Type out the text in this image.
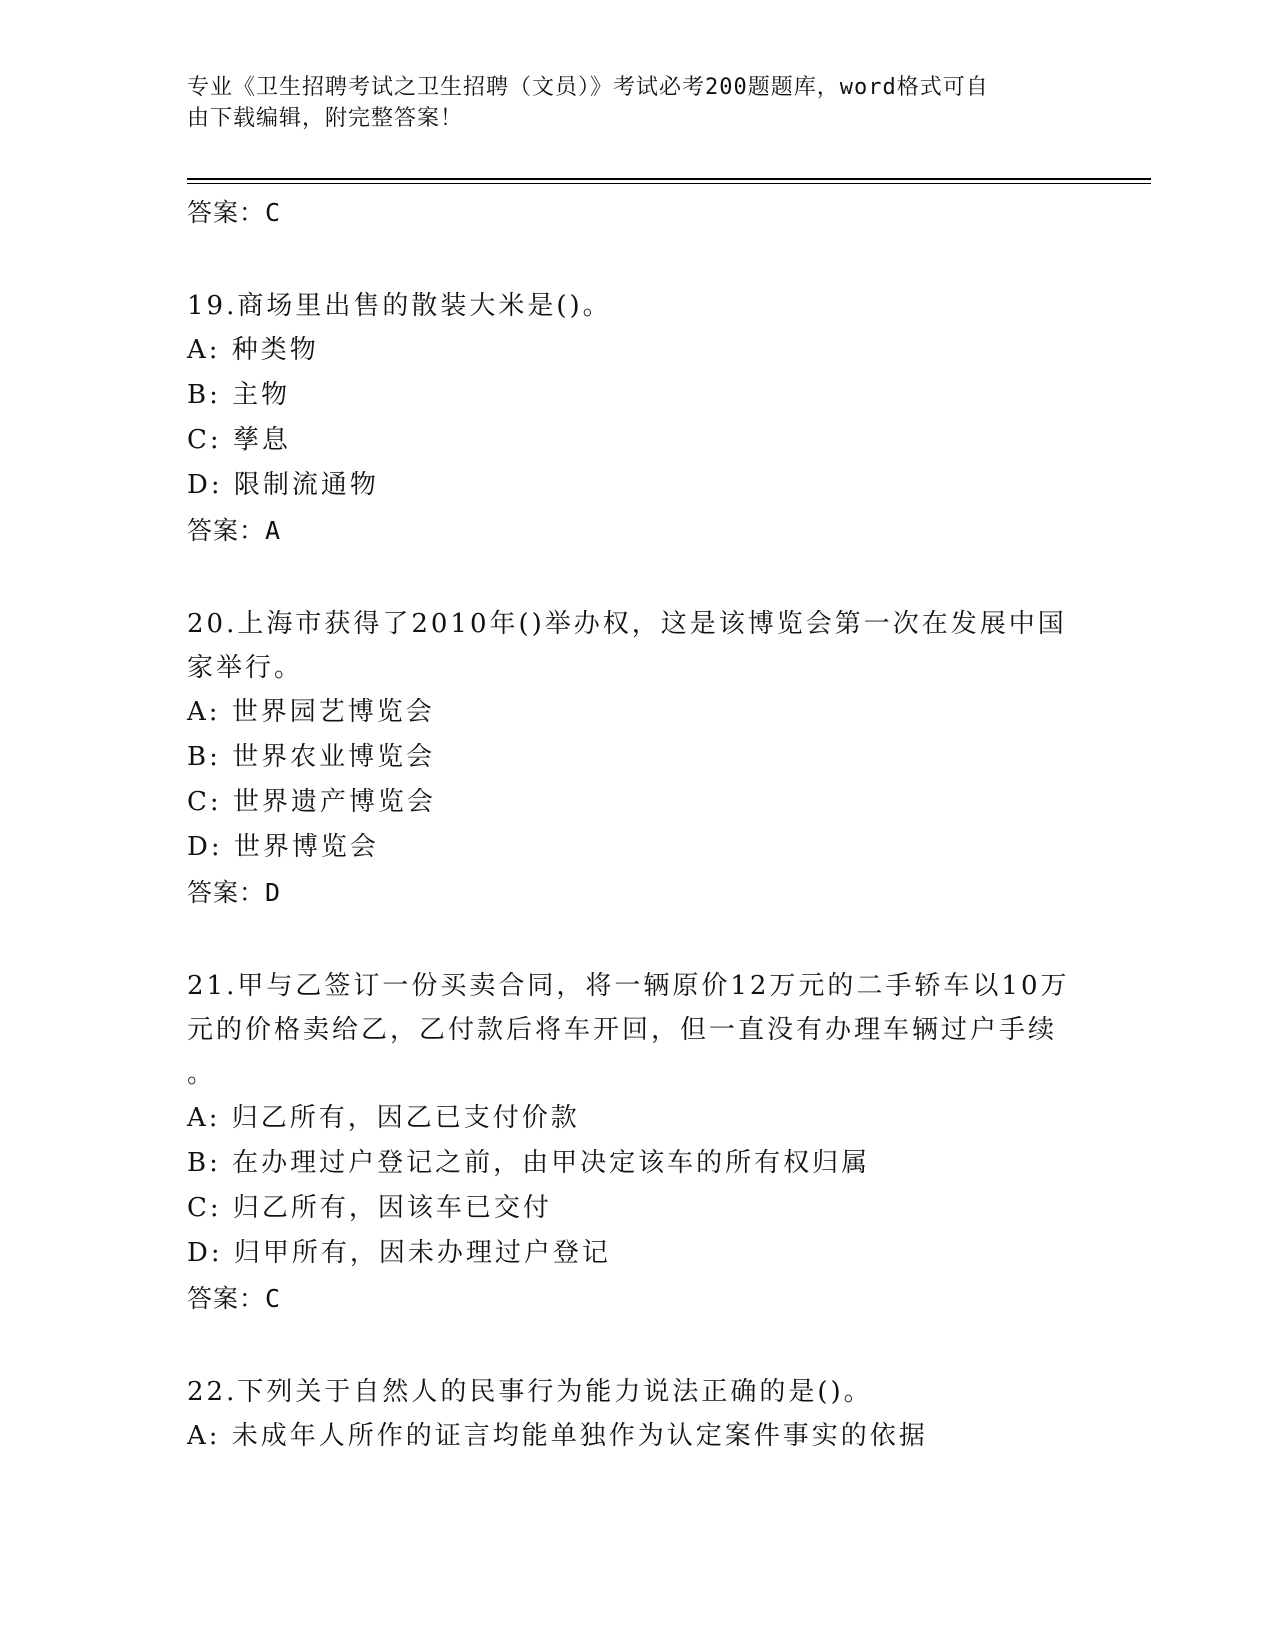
专业《卫生招聘考试之卫生招聘（文员）》考试必考200题题库，word格式可自
由下载编辑，附完整答案！
答案：C
19.商场里出售的散装大米是()。
A: 种类物
B: 主物
C: 孳息
D: 限制流通物
答案：A
20.上海市获得了2010年()举办权，这是该博览会第一次在发展中国
家举行。
A: 世界园艺博览会
B: 世界农业博览会
C: 世界遗产博览会
D: 世界博览会
答案：D
21.甲与乙签订一份买卖合同，将一辆原价12万元的二手轿车以10万
元的价格卖给乙，乙付款后将车开回，但一直没有办理车辆过户手续
。
A: 归乙所有，因乙已支付价款
B: 在办理过户登记之前，由甲决定该车的所有权归属
C: 归乙所有，因该车已交付
D: 归甲所有，因未办理过户登记
答案：C
22.下列关于自然人的民事行为能力说法正确的是()。
A: 未成年人所作的证言均能单独作为认定案件事实的依据
